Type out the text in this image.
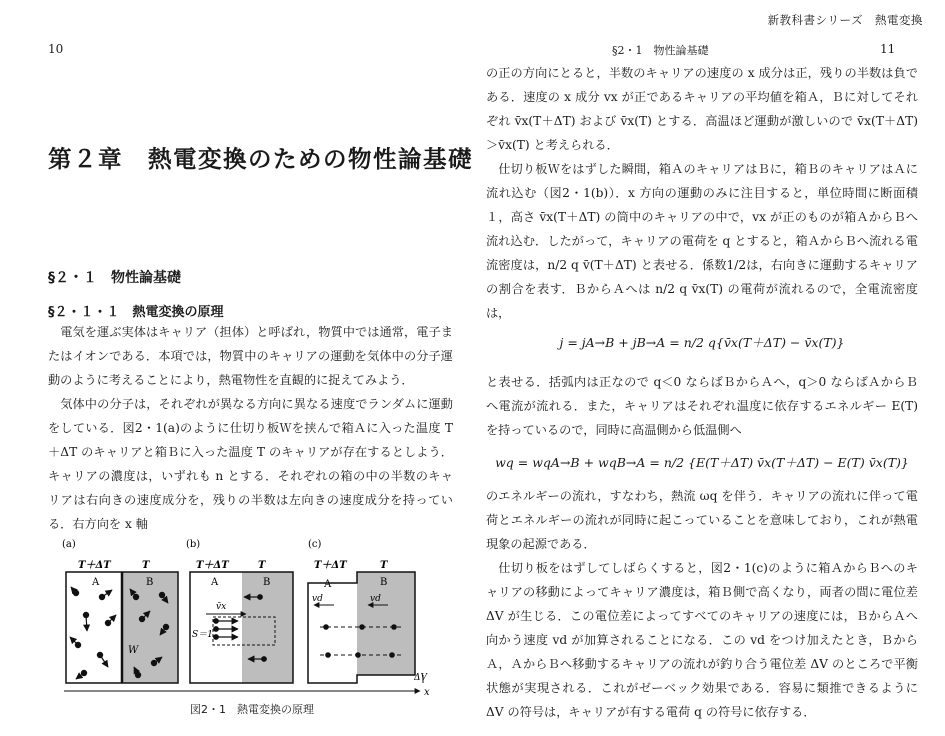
新教科書シリーズ　熱電変換
10
第２章　熱電変換のための物性論基礎
§２・１　物性論基礎
§２・１・１　熱電変換の原理

電気を運ぶ実体はキャリア（担体）と呼ばれ，物質中では通常，電子またはイオンである．本項では，物質中のキャリアの運動を気体中の分子運動のように考えることにより，熱電物性を直観的に捉えてみよう．

気体中の分子は，それぞれが異なる方向に異なる速度でランダムに運動をしている．図2・1(a)のように仕切り板Ｗを挟んで箱Ａに入った温度 T＋ΔT のキャリアと箱Ｂに入った温度 T のキャリアが存在するとしよう．キャリアの濃度は，いずれも n とする．それぞれの箱の中の半数のキャリアは右向きの速度成分を，残りの半数は左向きの速度成分を持っている．右方向を x 軸

(a)
T＋ΔT	T
A	B
W
(b)
T＋ΔT	T
A	B
v̄x
S＝1
(c)
T＋ΔT	T
A	B
vd	vd
ΔV
x
図2・1　熱電変換の原理
§2・1　物性論基礎	11

の正の方向にとると，半数のキャリアの速度の x 成分は正，残りの半数は負である．速度の x 成分 vx が正であるキャリアの平均値を箱Ａ，Ｂに対してそれぞれ v̄x(T＋ΔT) および v̄x(T) とする．高温ほど運動が激しいので v̄x(T＋ΔT)＞v̄x(T) と考えられる．

仕切り板Ｗをはずした瞬間，箱ＡのキャリアはＢに，箱ＢのキャリアはＡに流れ込む（図2・1(b)）．x 方向の運動のみに注目すると，単位時間に断面積１，高さ v̄x(T＋ΔT) の筒中のキャリアの中で，vx が正のものが箱ＡからＢへ流れ込む．したがって，キャリアの電荷を q とすると，箱ＡからＢへ流れる電流密度は，n/2 q v̄(T＋ΔT) と表せる．係数1/2は，右向きに運動するキャリアの割合を表す．ＢからＡへは n/2 q v̄x(T) の電荷が流れるので，全電流密度は，

j = jA→B + jB→A = n/2 q{v̄x(T＋ΔT) − v̄x(T)}

と表せる．括弧内は正なので q＜0 ならばＢからＡへ，q＞0 ならばＡからＢへ電流が流れる．また，キャリアはそれぞれ温度に依存するエネルギー E(T) を持っているので，同時に高温側から低温側へ

wq = wqA→B + wqB→A = n/2 {E(T＋ΔT) v̄x(T＋ΔT) − E(T) v̄x(T)}

のエネルギーの流れ，すなわち，熱流 ωq を伴う．キャリアの流れに伴って電荷とエネルギーの流れが同時に起こっていることを意味しており，これが熱電現象の起源である．

仕切り板をはずしてしばらくすると，図2・1(c)のように箱ＡからＢへのキャリアの移動によってキャリア濃度は，箱Ｂ側で高くなり，両者の間に電位差 ΔV が生じる．この電位差によってすべてのキャリアの速度には，ＢからＡへ向かう速度 vd が加算されることになる．この vd をつけ加えたとき，ＢからＡ，ＡからＢへ移動するキャリアの流れが釣り合う電位差 ΔV のところで平衡状態が実現される．これがゼーベック効果である．容易に類推できるように ΔV の符号は，キャリアが有する電荷 q の符号に依存する．
